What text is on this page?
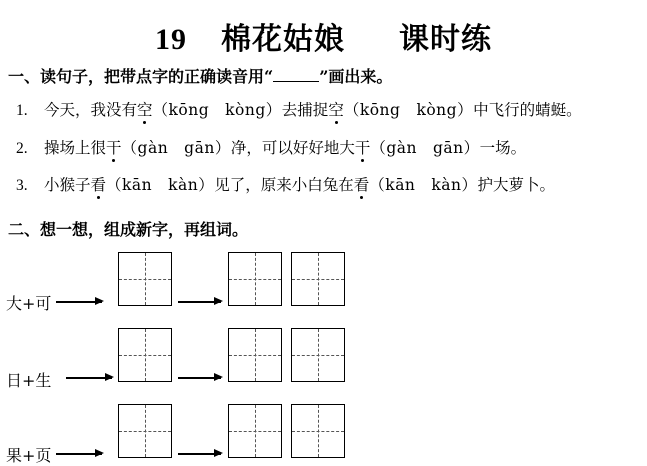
19 棉花姑娘 课时练
一、读句子，把带点字的正确读音用“	”画出来。
1. 今天，我没有空（kōng　kòng）去捕捉空（kōng　kòng）中飞行的蜻蜓。
2. 操场上很干（gàn　gān）净，可以好好地大干（gàn　gān）一场。
3. 小猴子看（kān　kàn）见了，原来小白兔在看（kān　kàn）护大萝卜。
二、想一想，组成新字，再组词。
大+可
日+生
果+页
